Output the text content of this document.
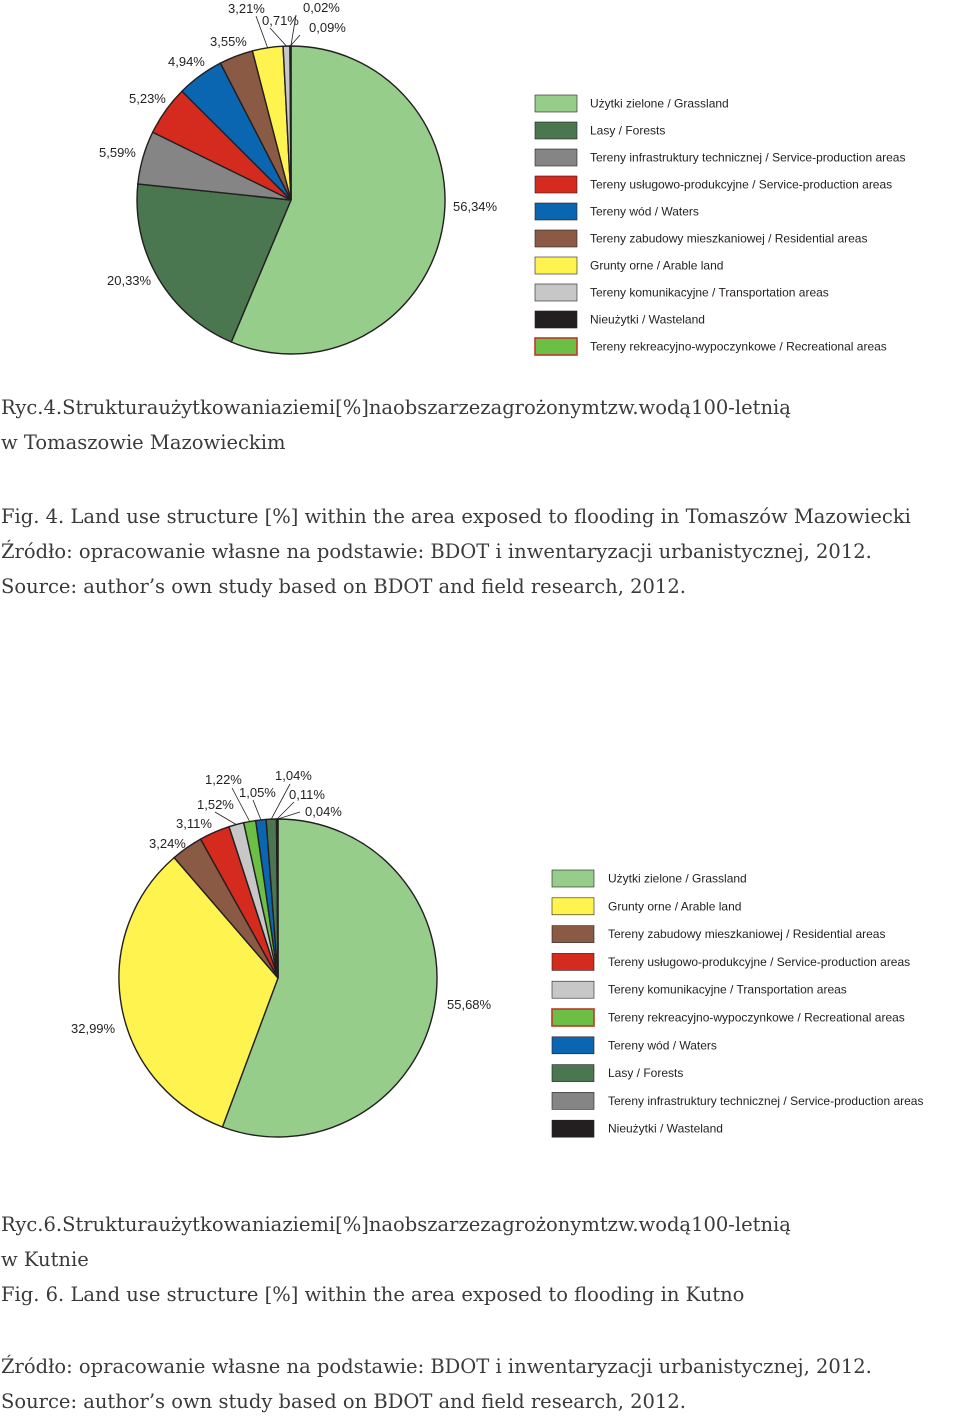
56,34%
20,33%
5,59%
5,23%
4,94%
3,55%
3,21%
0,71% 0,09%
0,02%
Użytki zielone / Grassland
Lasy / Forests
Tereny infrastruktury technicznej / Service-production areas
Tereny usługowo-produkcyjne / Service-production areas
Tereny wód / Waters
Tereny zabudowy mieszkaniowej / Residential areas
Grunty orne / Arable land
Tereny komunikacyjne / Transportation areas
Nieużytki / Wasteland
Tereny rekreacyjno-wypoczynkowe / Recreational areas
Ryc.4.Strukturaużytkowaniaziemi[%]naobszarzezagrożonymtzw.wodą100-letnią
w Tomaszowie Mazowieckim
Fig. 4. Land use structure [%] within the area exposed to flooding in Tomaszów Mazowiecki
Źródło: opracowanie własne na podstawie: BDOT i inwentaryzacji urbanistycznej, 2012.
Source: author’s own study based on BDOT and field research, 2012.
55,68%
32,99%
3,24%
3,11%
1,52%
1,22%
1,05%
1,04%
0,11%
0,04%
Użytki zielone / Grassland
Grunty orne / Arable land
Tereny zabudowy mieszkaniowej / Residential areas
Tereny usługowo-produkcyjne / Service-production areas
Tereny komunikacyjne / Transportation areas
Tereny rekreacyjno-wypoczynkowe / Recreational areas
Tereny wód / Waters
Lasy / Forests
Tereny infrastruktury technicznej / Service-production areas
Nieużytki / Wasteland
Ryc.6.Strukturaużytkowaniaziemi[%]naobszarzezagrożonymtzw.wodą100-letnią
w Kutnie
Fig. 6. Land use structure [%] within the area exposed to flooding in Kutno
Źródło: opracowanie własne na podstawie: BDOT i inwentaryzacji urbanistycznej, 2012.
Source: author’s own study based on BDOT and field research, 2012.
